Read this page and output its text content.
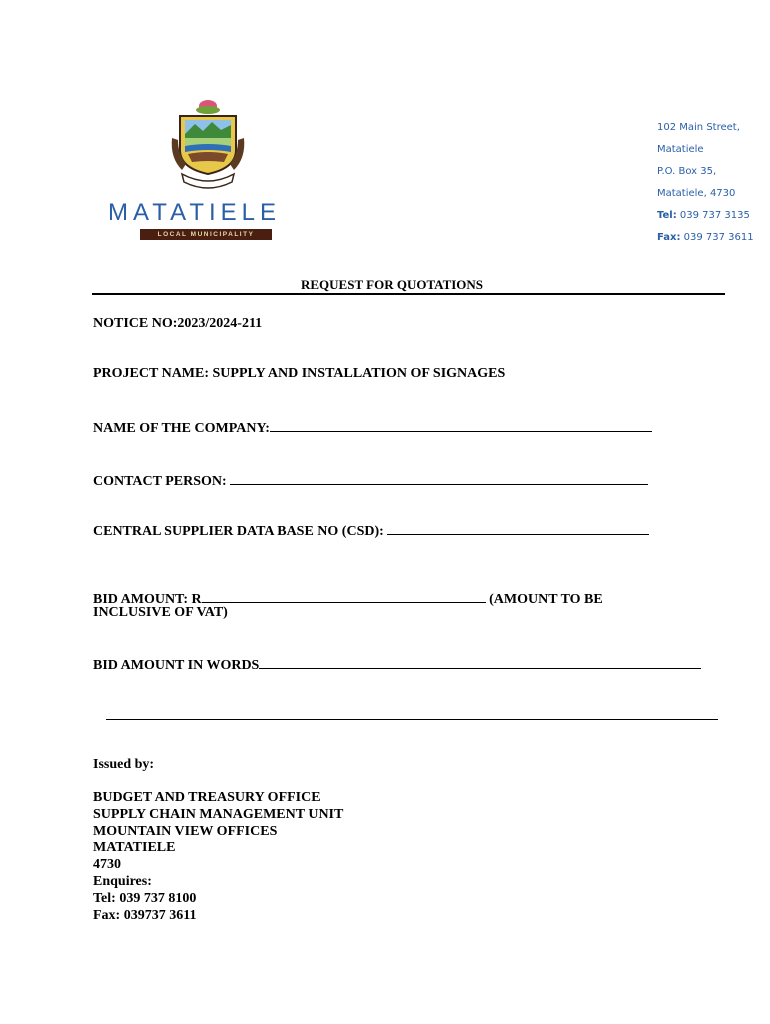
MATATIELE
LOCAL MUNICIPALITY
102 Main Street,
Matatiele
P.O. Box 35,
Matatiele, 4730
Tel: 039 737 3135
Fax: 039 737 3611
REQUEST FOR QUOTATIONS
NOTICE NO:2023/2024-211
PROJECT NAME: SUPPLY AND INSTALLATION OF SIGNAGES
NAME OF THE COMPANY:
CONTACT PERSON:
CENTRAL SUPPLIER DATA BASE NO (CSD):
BID AMOUNT: R	(AMOUNT TO BE
INCLUSIVE OF VAT)
BID AMOUNT IN WORDS
Issued by:
BUDGET AND TREASURY OFFICE
SUPPLY CHAIN MANAGEMENT UNIT
MOUNTAIN VIEW OFFICES
MATATIELE
4730
Enquires:
Tel: 039 737 8100
Fax: 039737 3611
